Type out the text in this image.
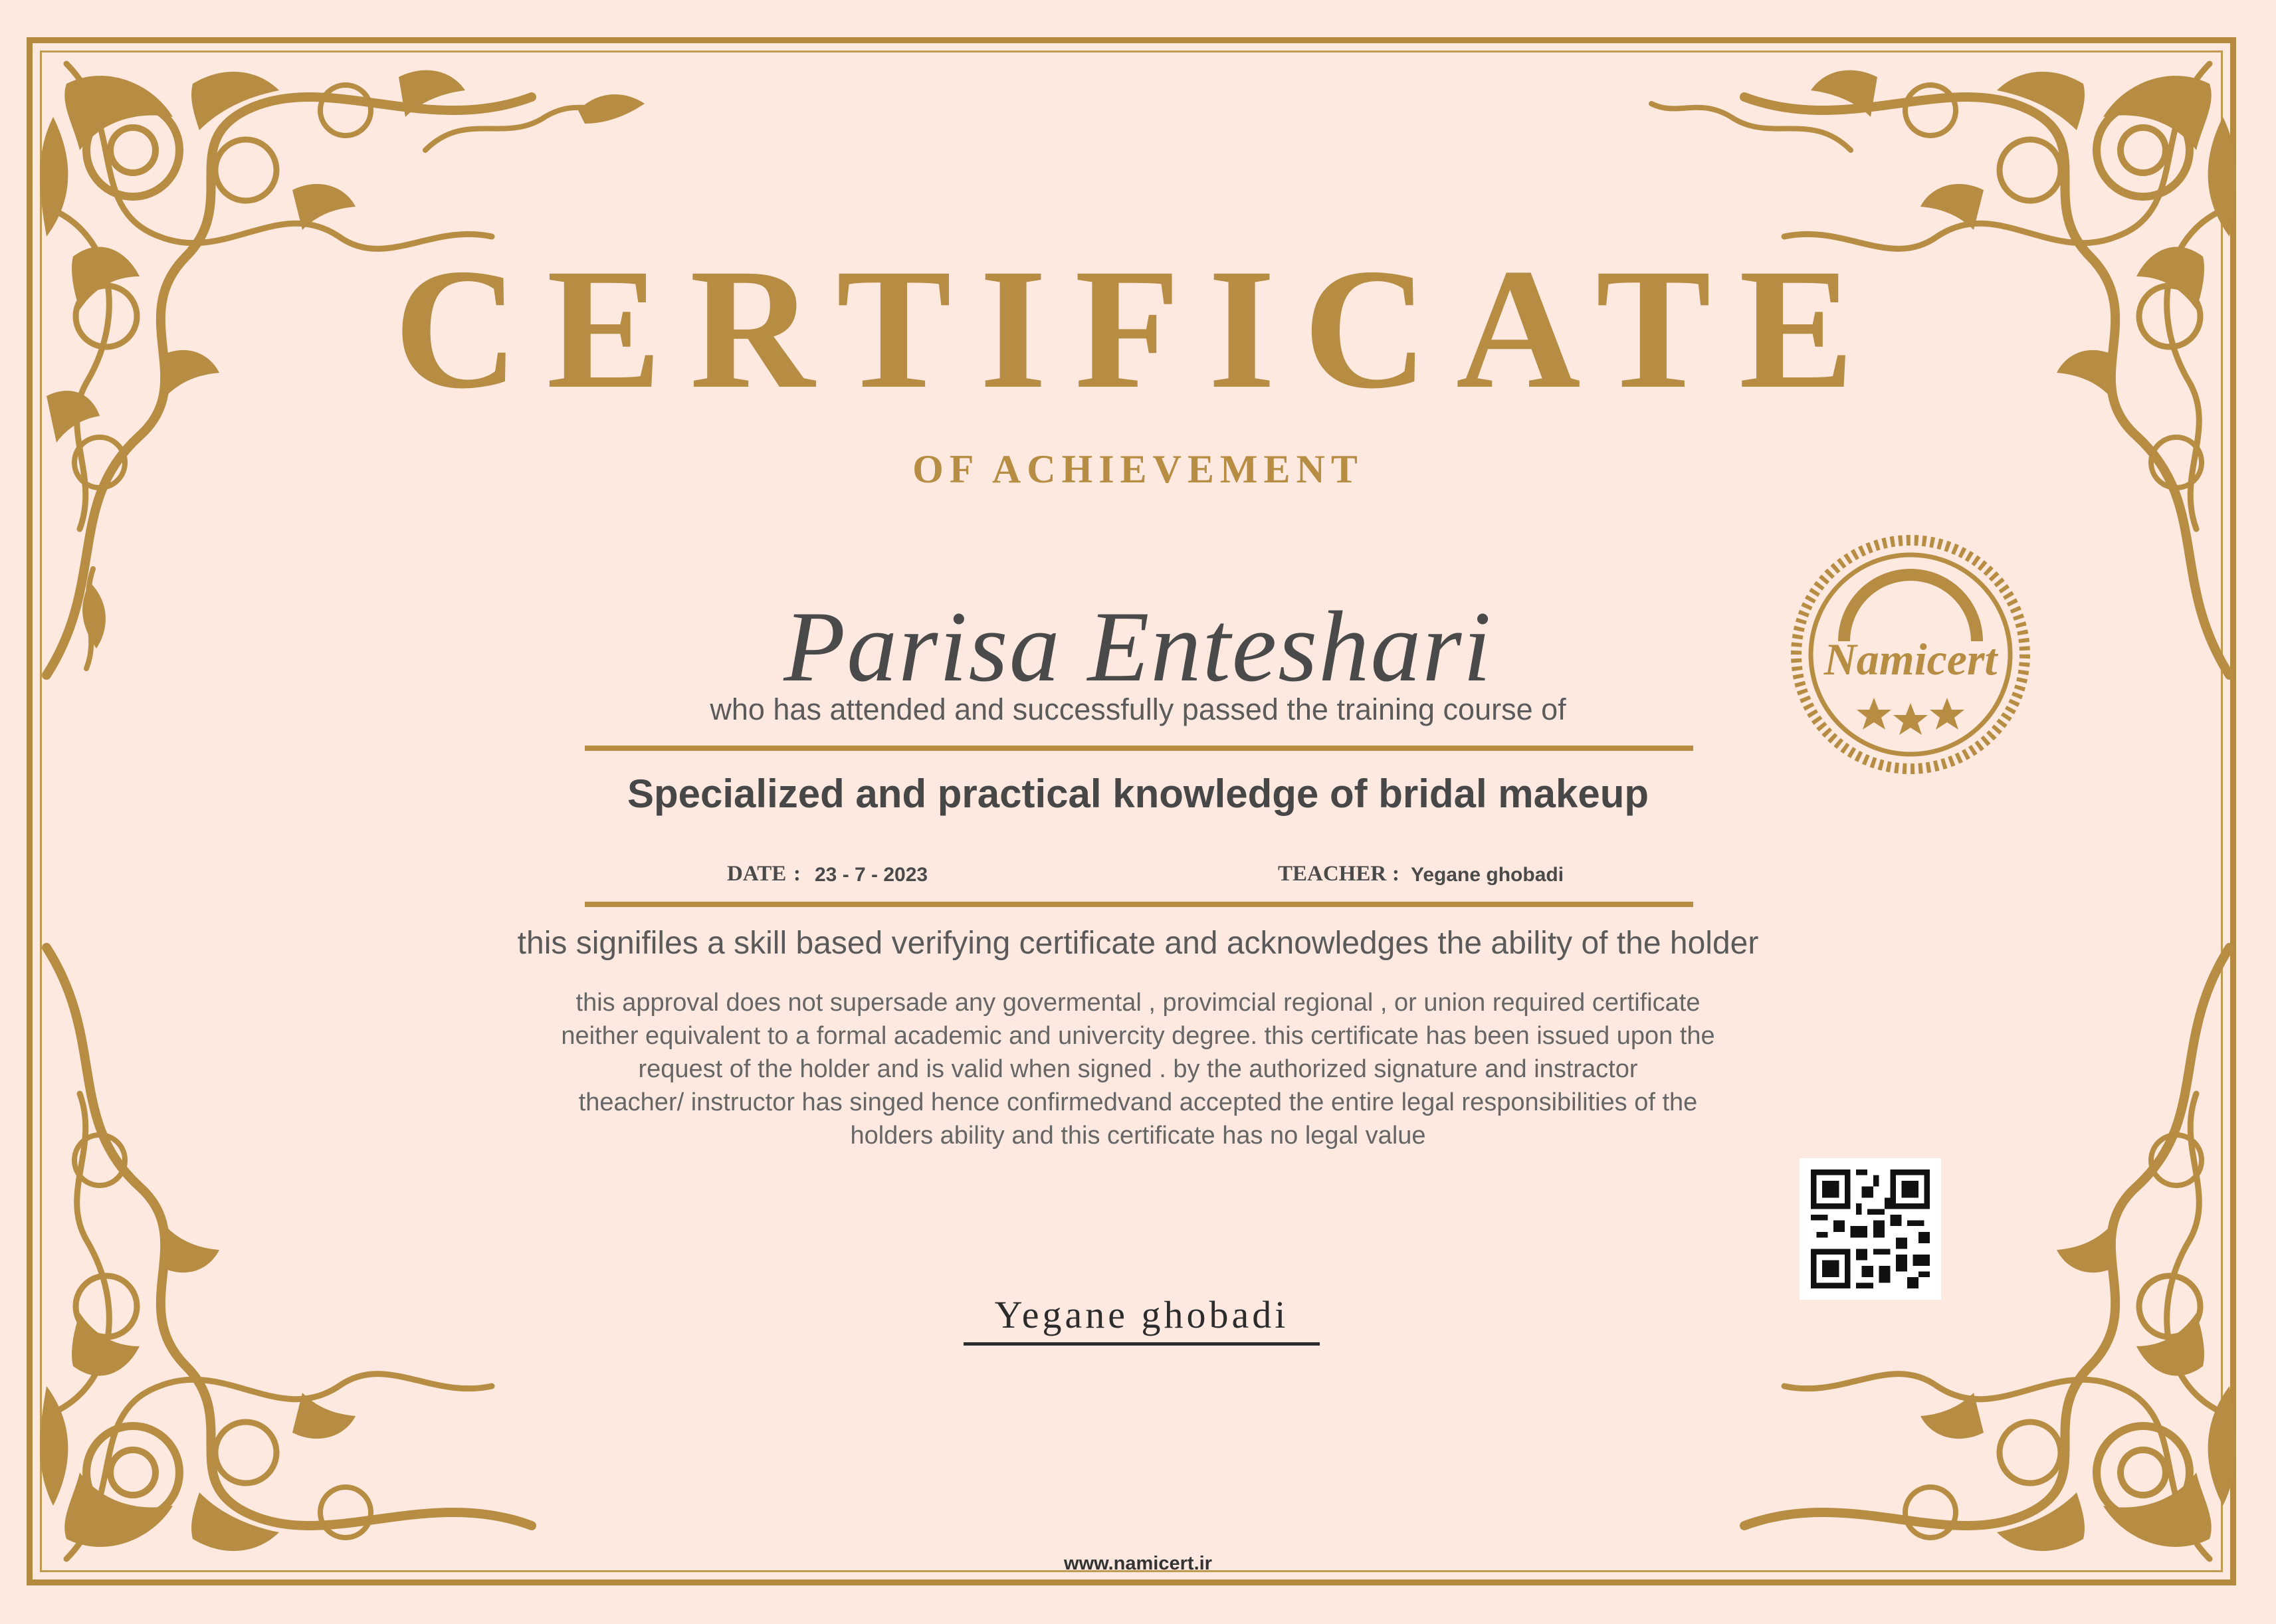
CERTIFICATE
OF ACHIEVEMENT
Parisa Enteshari
who has attended and successfully passed the training course of
Specialized and practical knowledge of bridal makeup
DATE : 23 - 7 - 2023	TEACHER : Yegane ghobadi
this signifiles a skill based verifying certificate and acknowledges the ability of the holder
this approval does not supersade any govermental , provimcial regional , or union required certificate
neither equivalent to a formal academic and univercity degree. this certificate has been issued upon the
request of the holder and is valid when signed . by the authorized signature and instractor
theacher/ instructor has singed hence confirmedvand accepted the entire legal responsibilities of the
holders ability and this certificate has no legal value
Namicert
Yegane ghobadi
www.namicert.ir
